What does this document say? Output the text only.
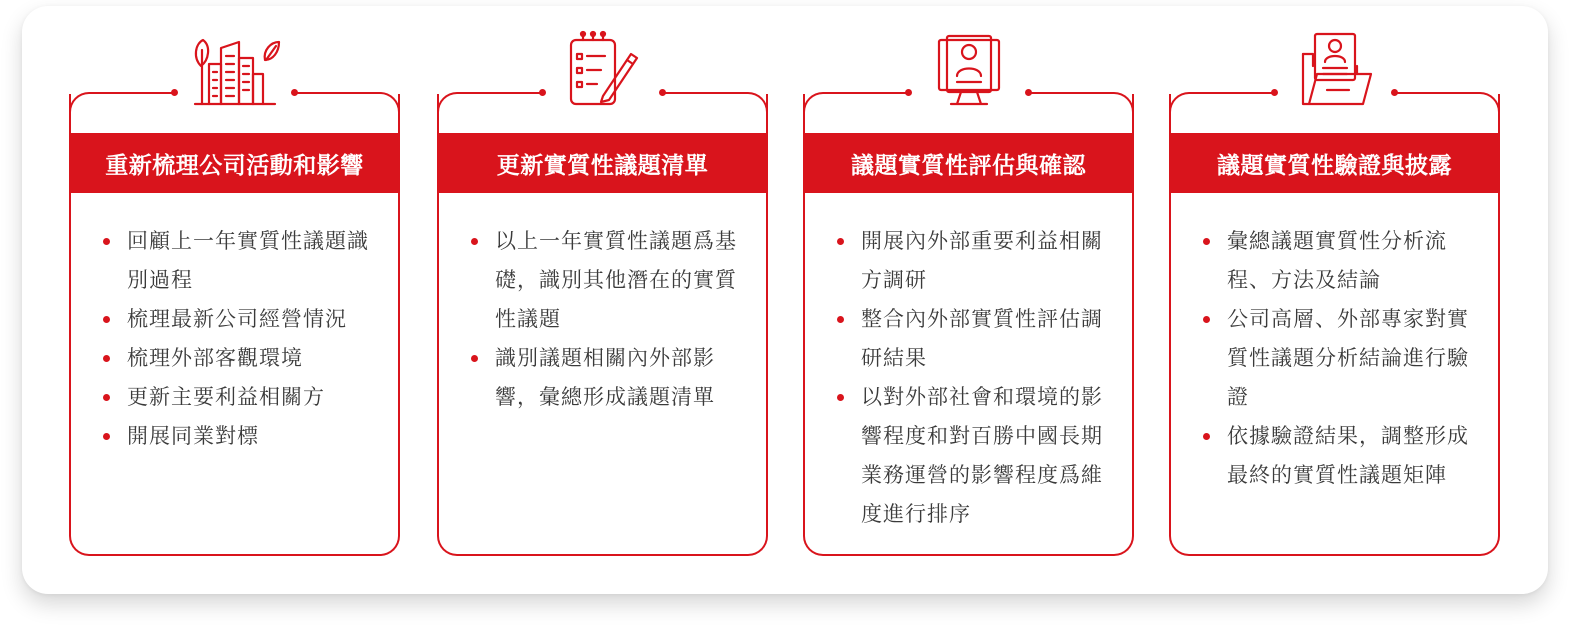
重新梳理公司活動和影響
回顧上一年實質性議題識別過程
梳理最新公司經營情況
梳理外部客觀環境
更新主要利益相關方
開展同業對標
更新實質性議題清單
以上一年實質性議題爲基礎，識別其他潛在的實質性議題
識別議題相關內外部影響，彙總形成議題清單
議題實質性評估與確認
開展內外部重要利益相關方調研
整合內外部實質性評估調研結果
以對外部社會和環境的影響程度和對百勝中國長期業務運營的影響程度爲維度進行排序
議題實質性驗證與披露
彙總議題實質性分析流程、方法及結論
公司高層、外部專家對實質性議題分析結論進行驗證
依據驗證結果，調整形成最終的實質性議題矩陣
